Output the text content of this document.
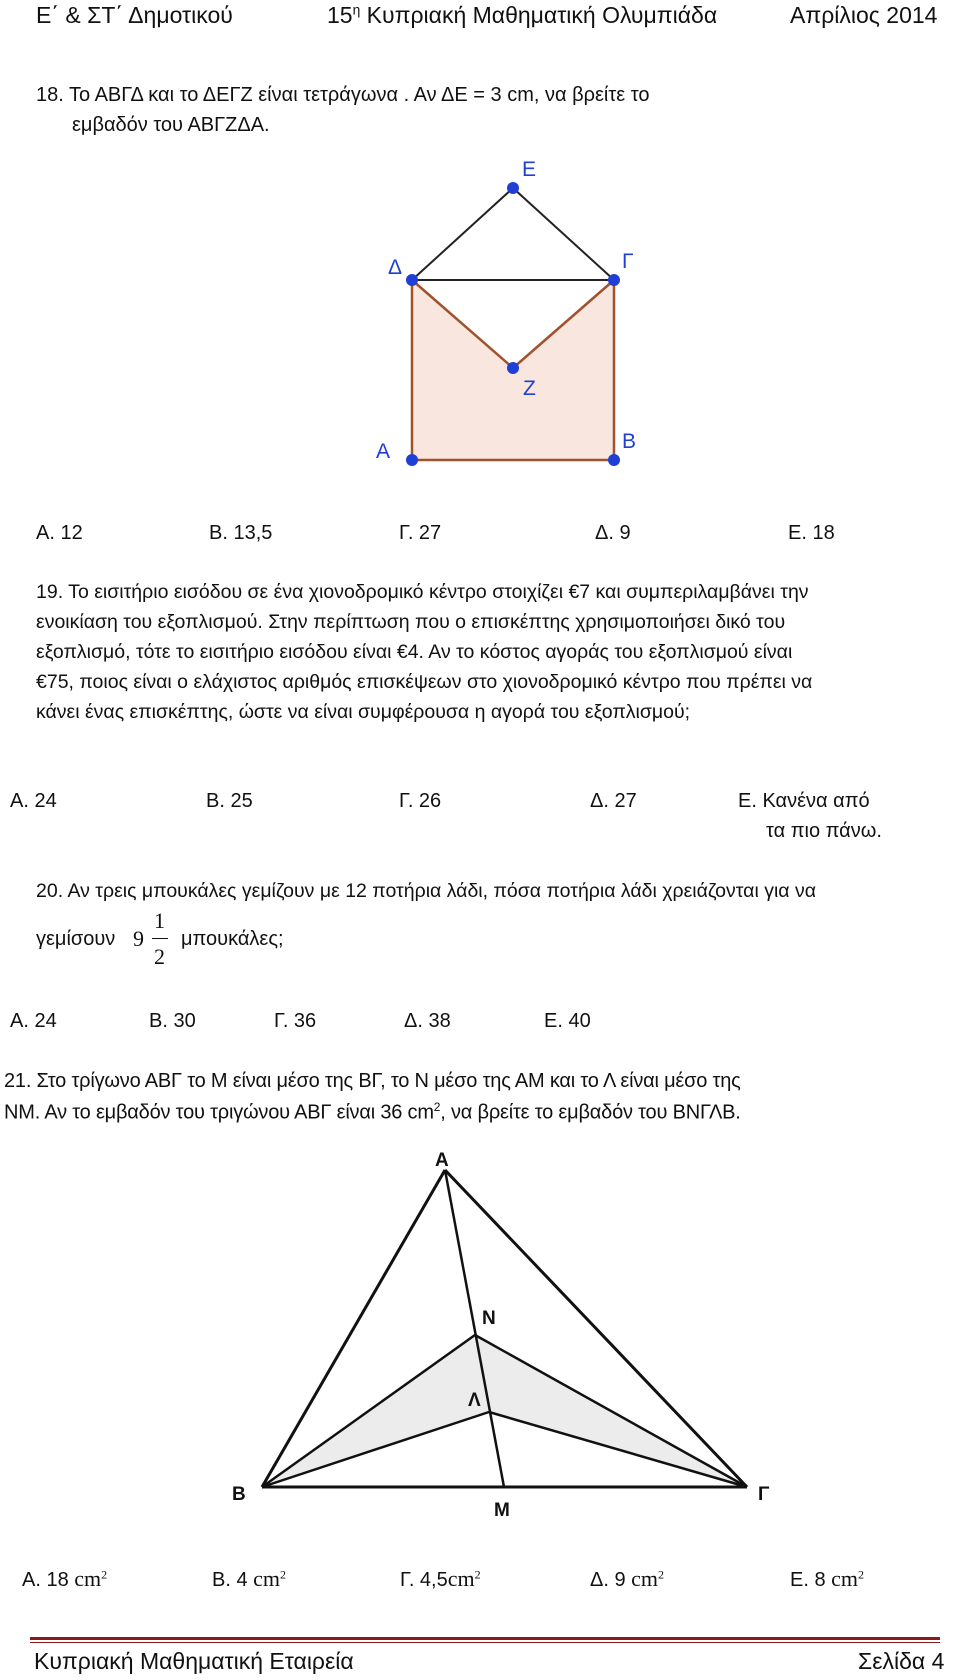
Ε΄ & ΣΤ΄ Δημοτικού	$15^\eta$ Κυπριακή Μαθηματική Ολυμπιάδα	Απρίλιος 2014
18. Το ΑΒΓΔ και το ΔΕΓΖ είναι τετράγωνα . Αν ΔΕ = 3 cm, να βρείτε το
εμβαδόν του ΑΒΓΖΔΑ.
Ε
Δ	Γ
Ζ
Α	Β
Α. 12	Β. 13,5	Γ. 27	Δ. 9	Ε. 18
19. Το εισιτήριο εισόδου σε ένα χιονοδρομικό κέντρο στοιχίζει €7 και συμπεριλαμβάνει την
ενοικίαση του εξοπλισμού. Στην περίπτωση που ο επισκέπτης χρησιμοποιήσει δικό του
εξοπλισμό, τότε το εισιτήριο εισόδου είναι €4. Αν το κόστος αγοράς του εξοπλισμού είναι
€75, ποιος είναι ο ελάχιστος αριθμός επισκέψεων στο χιονοδρομικό κέντρο που πρέπει να
κάνει ένας επισκέπτης, ώστε να είναι συμφέρουσα η αγορά του εξοπλισμού;
Α. 24	Β. 25	Γ. 26	Δ. 27	Ε. Κανένα από
τα πιο πάνω.
20. Αν τρεις μπουκάλες γεμίζουν με 12 ποτήρια λάδι, πόσα ποτήρια λάδι χρειάζονται για να
γεμίσουν 9
1
2
μπουκάλες;
Α. 24	Β. 30	Γ. 36	Δ. 38	Ε. 40
21. Στο τρίγωνο ΑΒΓ το Μ είναι μέσο της ΒΓ, το Ν μέσο της ΑΜ και το Λ είναι μέσο της
ΝΜ. Αν το εμβαδόν του τριγώνου ΑΒΓ είναι 36 $cm^2$, να βρείτε το εμβαδόν του ΒΝΓΛΒ.
Α
Ν
Λ
Β
Μ
Γ
Α. 18 $cm^2$	Β. 4 $cm^2$	Γ. $4,5cm^2$	Δ. 9 $cm^2$	Ε. 8 $cm^2$
Κυπριακή Μαθηματική Εταιρεία	Σελίδα 4
